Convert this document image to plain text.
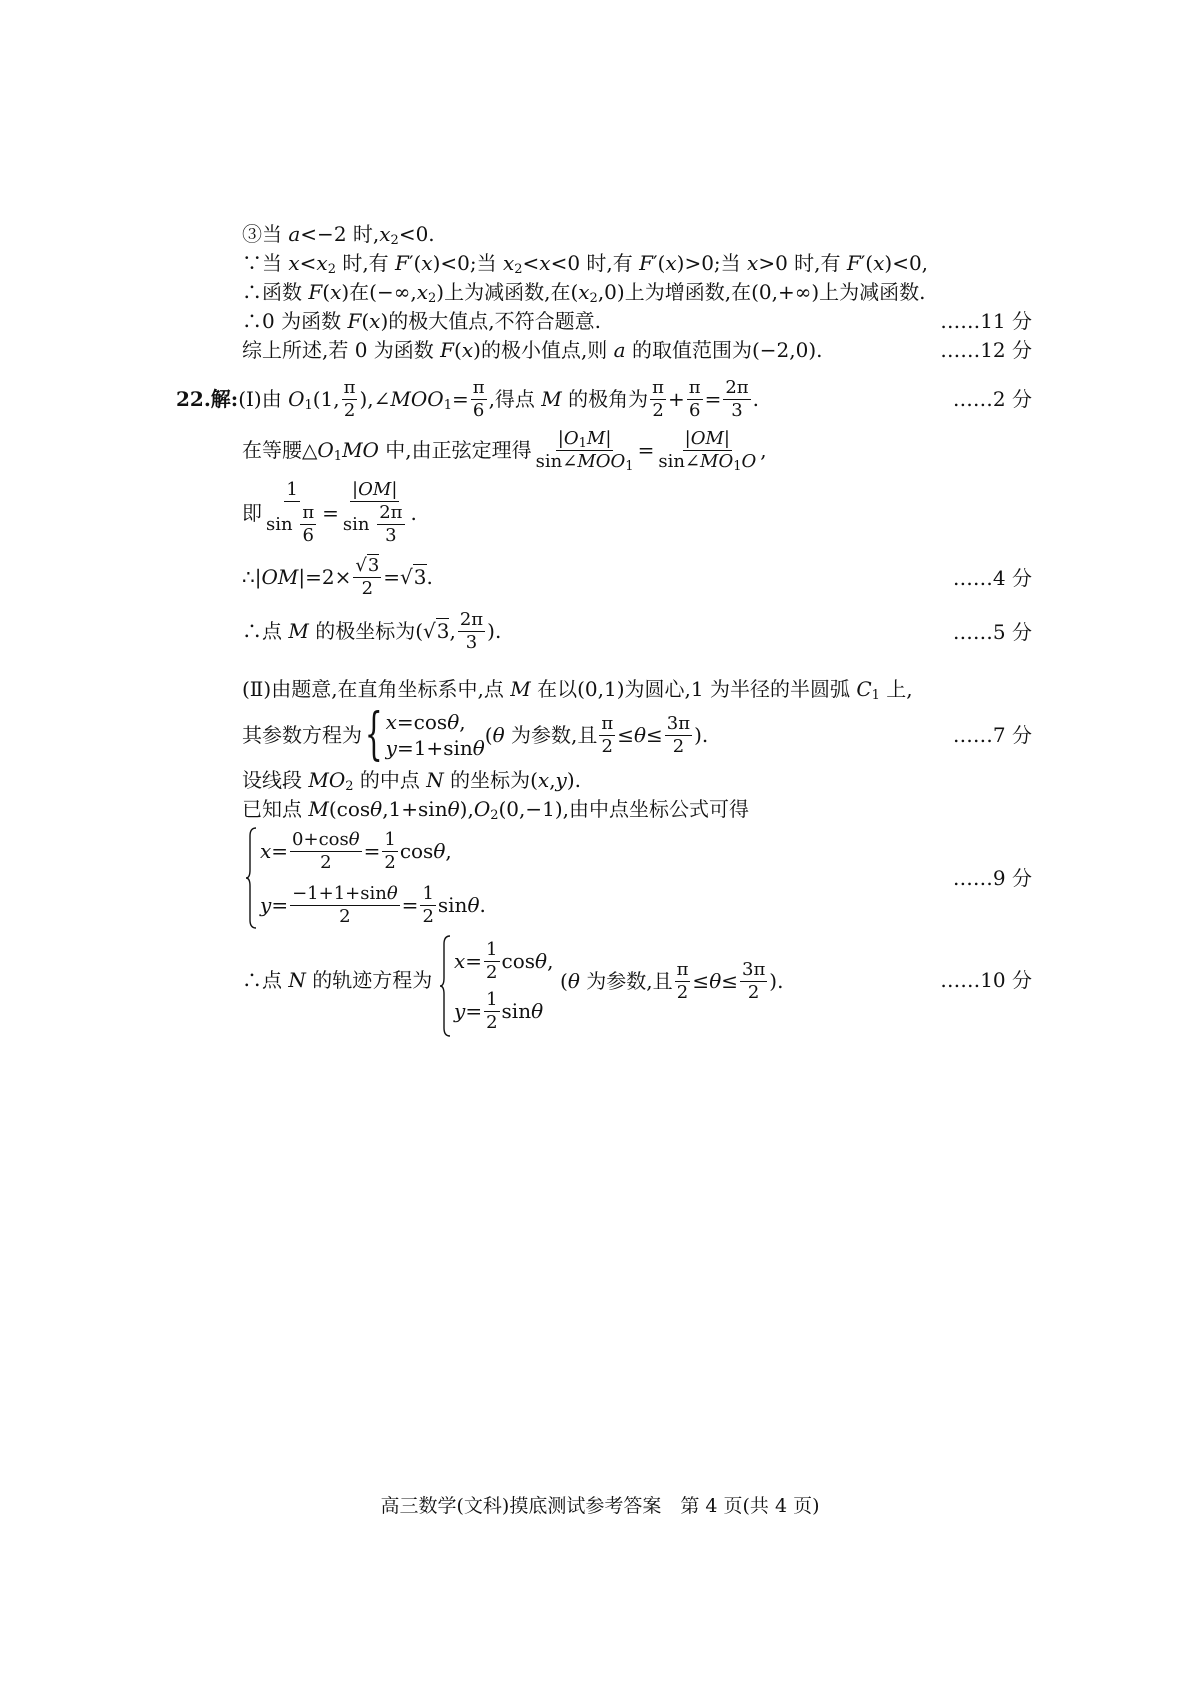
③当 a<−2 时$,x_2<0$.
∵当 $x<x_2$ 时,有 F′(x)<0;当 $x_2<x<0$ 时,有 F′(x)>0;当 x>0 时,有 F′(x)<0,
∴函数 F(x)在$(-\infty,x_2)$上为减函数,在$(x_2,0)$上为增函数,在(0,+∞)上为减函数.
∴0 为函数 F(x)的极大值点,不符合题意.	……11 分
综上所述,若 0 为函数 F(x)的极小值点,则 a 的取值范围为(−2,0).	……12 分
22.解: (Ⅰ)由 $O_1(1$, $\frac{\pi}{2}$ )$,\angle MOO_1= \frac{\pi}{6}$ ,得点 M 的极角为 $\frac{\pi}{2} + \frac{\pi}{6} = \frac{2\pi}{3}$ .	……2 分
在等腰$\triangle O_1MO$ 中,由正弦定理得 $\frac{|O_1M|}{\sin\angle MOO_1} = \frac{|OM|}{\sin\angle MO_1O}$ ,
即 $\frac{1}{\sin \frac{\pi}{6}} = \frac{|OM|}{\sin \frac{2\pi}{3}}$ .
∴|OM|=2× $\frac{√3}{2} =√3$.	……4 分
∴点 M 的极坐标为(√3, $\frac{2\pi}{3}$ ).	……5 分
(Ⅱ)由题意,在直角坐标系中,点 M 在以(0,1)为圆心,1 为半径的半圆弧 $C_1$ 上,
其参数方程为 { x=cosθ,
y=1+sinθ
(θ 为参数,且 $\frac{\pi}{2} \le\theta\le \frac{3\pi}{2}$ ).	……7 分
设线段 $MO_2$ 的中点 N 的坐标为(x,y).
已知点 $M(\cos\theta,1+\sin\theta),O_2(0,-1)$,由中点坐标公式可得
$x= \frac{0+\cos\theta}{2} = \frac{1}{2} \cos\theta$,
$y= \frac{-1+1+\sin\theta}{2} = \frac{1}{2} \sin\theta$.
……9 分
∴点 N 的轨迹方程为
$x= \frac{1}{2} \cos\theta$,
$y= \frac{1}{2}$ sinθ
(θ 为参数,且 $\frac{\pi}{2} \le\theta\le \frac{3\pi}{2}$ ).	……10 分
高三数学(文科)摸底测试参考答案　第 4 页(共 4 页)
